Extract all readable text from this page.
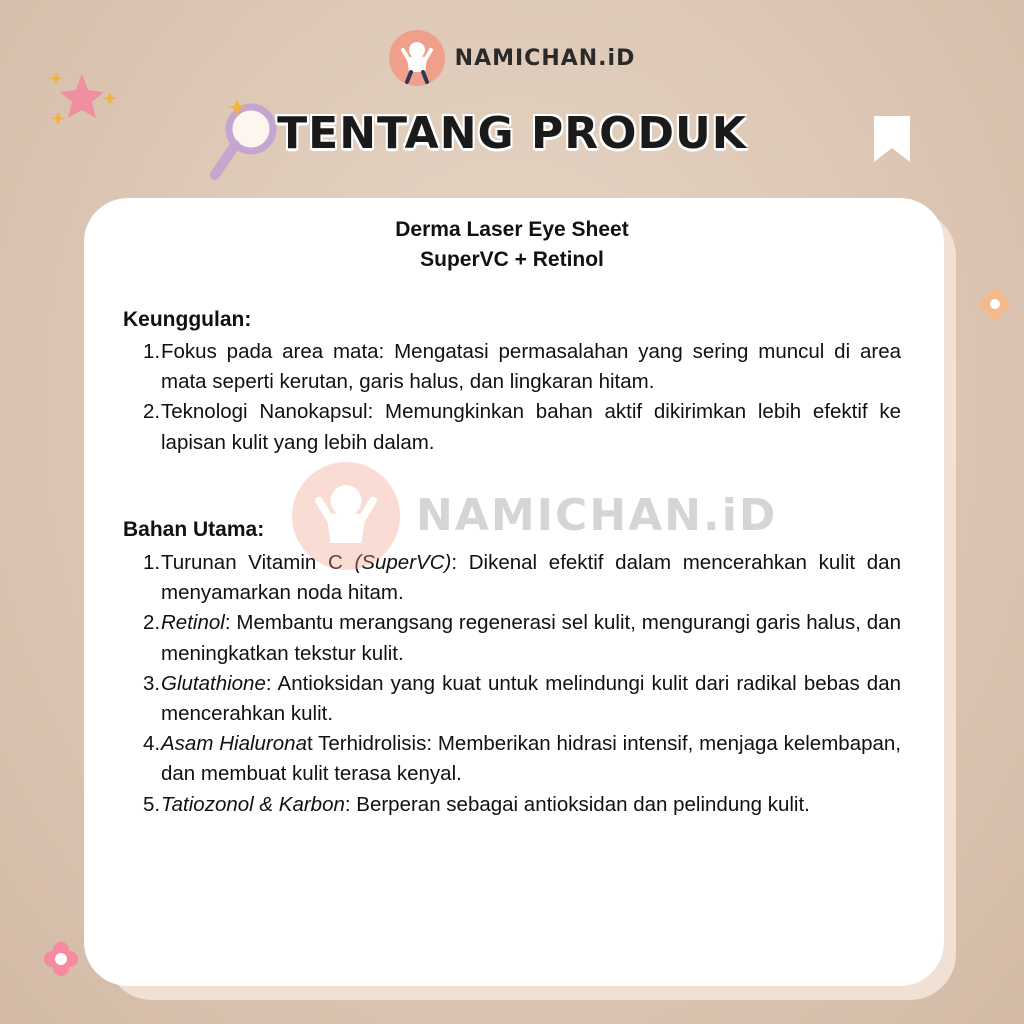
NAMICHAN.iD
TENTANG PRODUK
Derma Laser Eye Sheet
SuperVC + Retinol
Keunggulan:
1. Fokus pada area mata: Mengatasi permasalahan yang sering muncul di area mata seperti kerutan, garis halus, dan lingkaran hitam.
2. Teknologi Nanokapsul: Memungkinkan bahan aktif dikirimkan lebih efektif ke lapisan kulit yang lebih dalam.
Bahan Utama:
1. Turunan Vitamin C (SuperVC): Dikenal efektif dalam mencerahkan kulit dan menyamarkan noda hitam.
2. Retinol: Membantu merangsang regenerasi sel kulit, mengurangi garis halus, dan meningkatkan tekstur kulit.
3. Glutathione: Antioksidan yang kuat untuk melindungi kulit dari radikal bebas dan mencerahkan kulit.
4. Asam Hialuronat Terhidrolisis: Memberikan hidrasi intensif, menjaga kelembapan, dan membuat kulit terasa kenyal.
5. Tatiozonol & Karbon: Berperan sebagai antioksidan dan pelindung kulit.
NAMICHAN.iD
